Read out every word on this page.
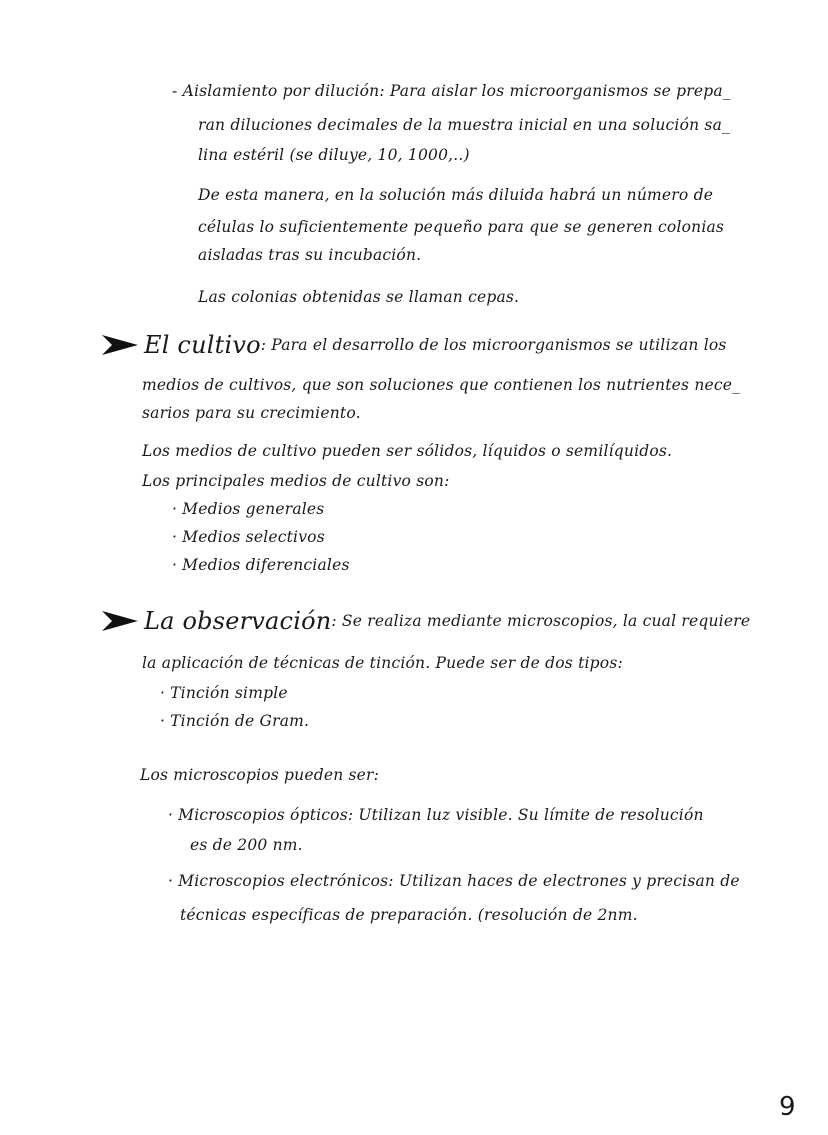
- Aislamiento por dilución: Para aislar los microorganismos se prepa_
ran diluciones decimales de la muestra inicial en una solución sa_
lina estéril (se diluye, 10, 1000,..)
De esta manera, en la solución más diluida habrá un número de
células lo suficientemente pequeño para que se generen colonias
aisladas tras su incubación.
Las colonias obtenidas se llaman cepas.
El cultivo : Para el desarrollo de los microorganismos se utilizan los
medios de cultivos, que son soluciones que contienen los nutrientes nece_
sarios para su crecimiento.
Los medios de cultivo pueden ser sólidos, líquidos o semilíquidos.
Los principales medios de cultivo son:
· Medios generales
· Medios selectivos
· Medios diferenciales
La observación : Se realiza mediante microscopios, la cual requiere
la aplicación de técnicas de tinción. Puede ser de dos tipos:
· Tinción simple
· Tinción de Gram.
Los microscopios pueden ser:
· Microscopios ópticos: Utilizan luz visible. Su límite de resolución
es de 200 nm.
· Microscopios electrónicos: Utilizan haces de electrones y precisan de
técnicas específicas de preparación. (resolución de 2nm.
9
